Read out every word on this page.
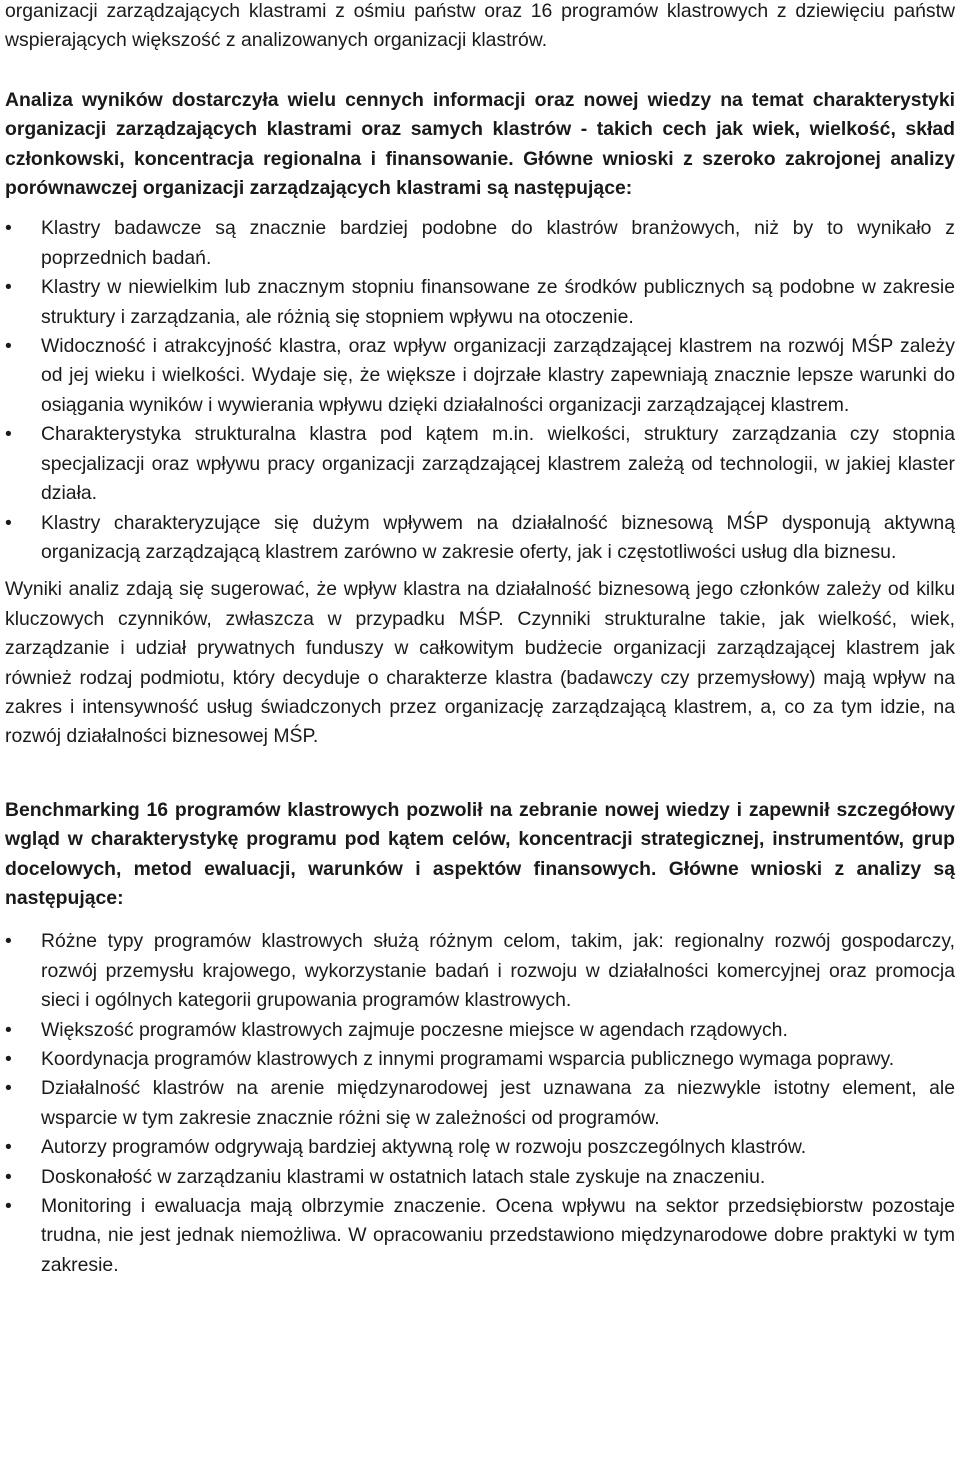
organizacji zarządzających klastrami z ośmiu państw oraz 16 programów klastrowych z dziewięciu państw wspierających większość z analizowanych organizacji klastrów.

Analiza wyników dostarczyła wielu cennych informacji oraz nowej wiedzy na temat charakterystyki organizacji zarządzających klastrami oraz samych klastrów - takich cech jak wiek, wielkość, skład członkowski, koncentracja regionalna i finansowanie. Główne wnioski z szeroko zakrojonej analizy porównawczej organizacji zarządzających klastrami są następujące:

• Klastry badawcze są znacznie bardziej podobne do klastrów branżowych, niż by to wynikało z poprzednich badań.
• Klastry w niewielkim lub znacznym stopniu finansowane ze środków publicznych są podobne w zakresie struktury i zarządzania, ale różnią się stopniem wpływu na otoczenie.
• Widoczność i atrakcyjność klastra, oraz wpływ organizacji zarządzającej klastrem na rozwój MŚP zależy od jej wieku i wielkości. Wydaje się, że większe i dojrzałe klastry zapewniają znacznie lepsze warunki do osiągania wyników i wywierania wpływu dzięki działalności organizacji zarządzającej klastrem.
• Charakterystyka strukturalna klastra pod kątem m.in. wielkości, struktury zarządzania czy stopnia specjalizacji oraz wpływu pracy organizacji zarządzającej klastrem zależą od technologii, w jakiej klaster działa.
• Klastry charakteryzujące się dużym wpływem na działalność biznesową MŚP dysponują aktywną organizacją zarządzającą klastrem zarówno w zakresie oferty, jak i częstotliwości usług dla biznesu.

Wyniki analiz zdają się sugerować, że wpływ klastra na działalność biznesową jego członków zależy od kilku kluczowych czynników, zwłaszcza w przypadku MŚP. Czynniki strukturalne takie, jak wielkość, wiek, zarządzanie i udział prywatnych funduszy w całkowitym budżecie organizacji zarządzającej klastrem jak również rodzaj podmiotu, który decyduje o charakterze klastra (badawczy czy przemysłowy) mają wpływ na zakres i intensywność usług świadczonych przez organizację zarządzającą klastrem, a, co za tym idzie, na rozwój działalności biznesowej MŚP.

Benchmarking 16 programów klastrowych pozwolił na zebranie nowej wiedzy i zapewnił szczegółowy wgląd w charakterystykę programu pod kątem celów, koncentracji strategicznej, instrumentów, grup docelowych, metod ewaluacji, warunków i aspektów finansowych. Główne wnioski z analizy są następujące:

• Różne typy programów klastrowych służą różnym celom, takim, jak: regionalny rozwój gospodarczy, rozwój przemysłu krajowego, wykorzystanie badań i rozwoju w działalności komercyjnej oraz promocja sieci i ogólnych kategorii grupowania programów klastrowych.
• Większość programów klastrowych zajmuje poczesne miejsce w agendach rządowych.
• Koordynacja programów klastrowych z innymi programami wsparcia publicznego wymaga poprawy.
• Działalność klastrów na arenie międzynarodowej jest uznawana za niezwykle istotny element, ale wsparcie w tym zakresie znacznie różni się w zależności od programów.
• Autorzy programów odgrywają bardziej aktywną rolę w rozwoju poszczególnych klastrów.
• Doskonałość w zarządzaniu klastrami w ostatnich latach stale zyskuje na znaczeniu.
• Monitoring i ewaluacja mają olbrzymie znaczenie. Ocena wpływu na sektor przedsiębiorstw pozostaje trudna, nie jest jednak niemożliwa. W opracowaniu przedstawiono międzynarodowe dobre praktyki w tym zakresie.
